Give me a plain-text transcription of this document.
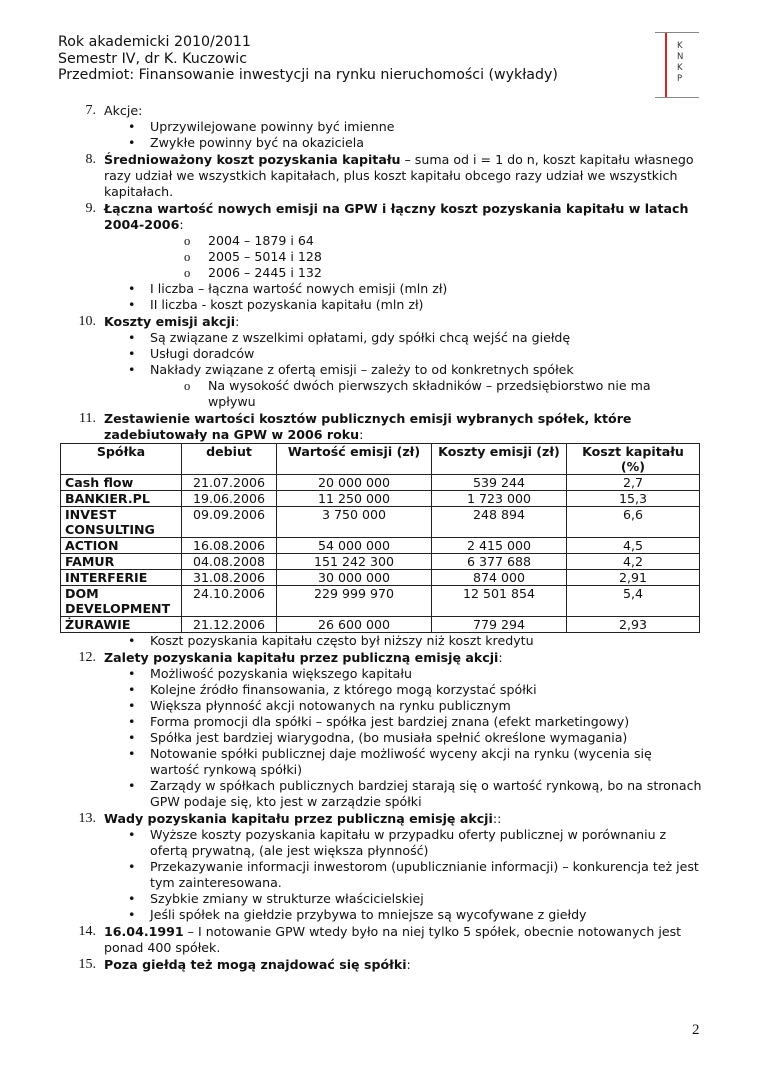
Rok akademicki 2010/2011
Semestr IV, dr K. Kuczowic
Przedmiot: Finansowanie inwestycji na rynku nieruchomości (wykłady)
K
N
K
P
7. Akcje:
• Uprzywilejowane powinny być imienne
• Zwykłe powinny być na okaziciela
8. Średnioważony koszt pozyskania kapitału – suma od i = 1 do n, koszt kapitału własnego razy udział we wszystkich kapitałach, plus koszt kapitału obcego razy udział we wszystkich kapitałach.
9. Łączna wartość nowych emisji na GPW i łączny koszt pozyskania kapitału w latach 2004-2006:
o 2004 – 1879 i 64
o 2005 – 5014 i 128
o 2006 – 2445 i 132
• I liczba – łączna wartość nowych emisji (mln zł)
• II liczba - koszt pozyskania kapitału (mln zł)
10. Koszty emisji akcji:
• Są związane z wszelkimi opłatami, gdy spółki chcą wejść na giełdę
• Usługi doradców
• Nakłady związane z ofertą emisji – zależy to od konkretnych spółek
o Na wysokość dwóch pierwszych składników – przedsiębiorstwo nie ma wpływu
11. Zestawienie wartości kosztów publicznych emisji wybranych spółek, które zadebiutowały na GPW w 2006 roku:
Spółka	debiut	Wartość emisji (zł)	Koszty emisji (zł)	Koszt kapitału (%)
Cash flow	21.07.2006	20 000 000	539 244	2,7
BANKIER.PL	19.06.2006	11 250 000	1 723 000	15,3
INVEST CONSULTING	09.09.2006	3 750 000	248 894	6,6
ACTION	16.08.2006	54 000 000	2 415 000	4,5
FAMUR	04.08.2008	151 242 300	6 377 688	4,2
INTERFERIE	31.08.2006	30 000 000	874 000	2,91
DOM DEVELOPMENT	24.10.2006	229 999 970	12 501 854	5,4
ŻURAWIE	21.12.2006	26 600 000	779 294	2,93
• Koszt pozyskania kapitału często był niższy niż koszt kredytu
12. Zalety pozyskania kapitału przez publiczną emisję akcji:
• Możliwość pozyskania większego kapitału
• Kolejne źródło finansowania, z którego mogą korzystać spółki
• Większa płynność akcji notowanych na rynku publicznym
• Forma promocji dla spółki – spółka jest bardziej znana (efekt marketingowy)
• Spółka jest bardziej wiarygodna, (bo musiała spełnić określone wymagania)
• Notowanie spółki publicznej daje możliwość wyceny akcji na rynku (wycenia się wartość rynkową spółki)
• Zarządy w spółkach publicznych bardziej starają się o wartość rynkową, bo na stronach GPW podaje się, kto jest w zarządzie spółki
13. Wady pozyskania kapitału przez publiczną emisję akcji::
• Wyższe koszty pozyskania kapitału w przypadku oferty publicznej w porównaniu z ofertą prywatną, (ale jest większa płynność)
• Przekazywanie informacji inwestorom (upublicznianie informacji) – konkurencja też jest tym zainteresowana.
• Szybkie zmiany w strukturze właścicielskiej
• Jeśli spółek na giełdzie przybywa to mniejsze są wycofywane z giełdy
14. 16.04.1991 – I notowanie GPW wtedy było na niej tylko 5 spółek, obecnie notowanych jest ponad 400 spółek.
15. Poza giełdą też mogą znajdować się spółki:
2
